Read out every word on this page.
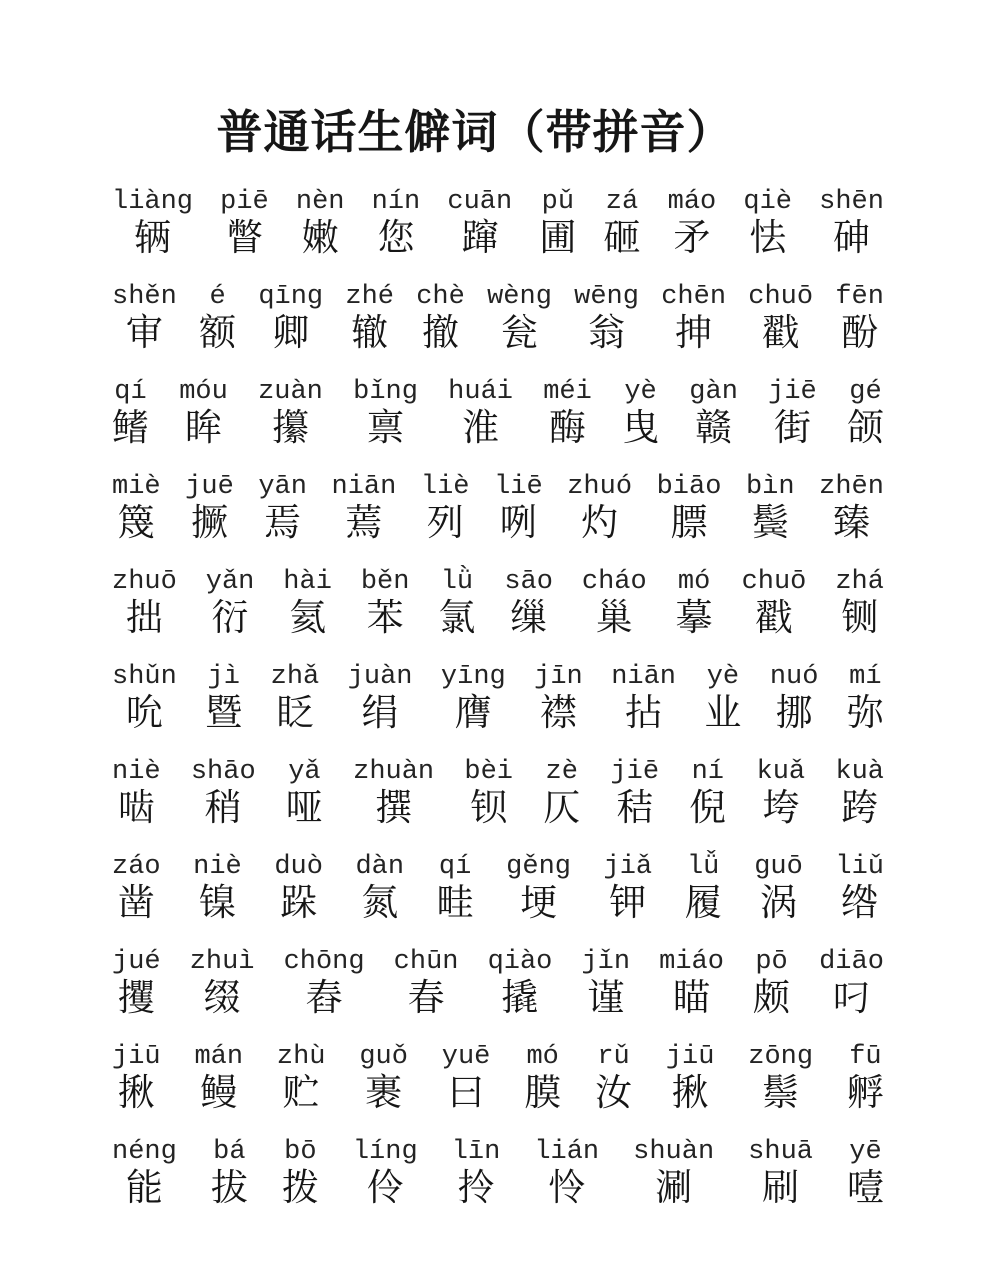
普通话生僻词（带拼音）
liàng
辆
piē
瞥
nèn
嫩
nín
您
cuān
蹿
pǔ
圃
zá
砸
máo
矛
qiè
怯
shēn
砷
shěn
审
é
额
qīng
卿
zhé
辙
chè
撤
wèng
瓮
wēng
翁
chēn
抻
chuō
戳
fēn
酚
qí
鳍
móu
眸
zuàn
攥
bǐng
禀
huái
淮
méi
酶
yè
曳
gàn
赣
jiē
街
gé
颌
miè
篾
juē
撅
yān
焉
niān
蔫
liè
列
liē
咧
zhuó
灼
biāo
膘
bìn
鬓
zhēn
臻
zhuō
拙
yǎn
衍
hài
氦
běn
苯
lǜ
氯
sāo
缫
cháo
巢
mó
摹
chuō
戳
zhá
铡
shǔn
吮
jì
暨
zhǎ
眨
juàn
绢
yīng
膺
jīn
襟
niān
拈
yè
业
nuó
挪
mí
弥
niè
啮
shāo
稍
yǎ
哑
zhuàn
撰
bèi
钡
zè
仄
jiē
秸
ní
倪
kuǎ
垮
kuà
跨
záo
凿
niè
镍
duò
跺
dàn
氮
qí
畦
gěng
埂
jiǎ
钾
lǚ
履
guō
涡
liǔ
绺
jué
攫
zhuì
缀
chōng
舂
chūn
春
qiào
撬
jǐn
谨
miáo
瞄
pō
颇
diāo
叼
jiū
揪
mán
鳗
zhù
贮
guǒ
裹
yuē
曰
mó
膜
rǔ
汝
jiū
揪
zōng
鬃
fū
孵
néng
能
bá
拔
bō
拨
líng
伶
līn
拎
lián
怜
shuàn
涮
shuā
刷
yē
噎
